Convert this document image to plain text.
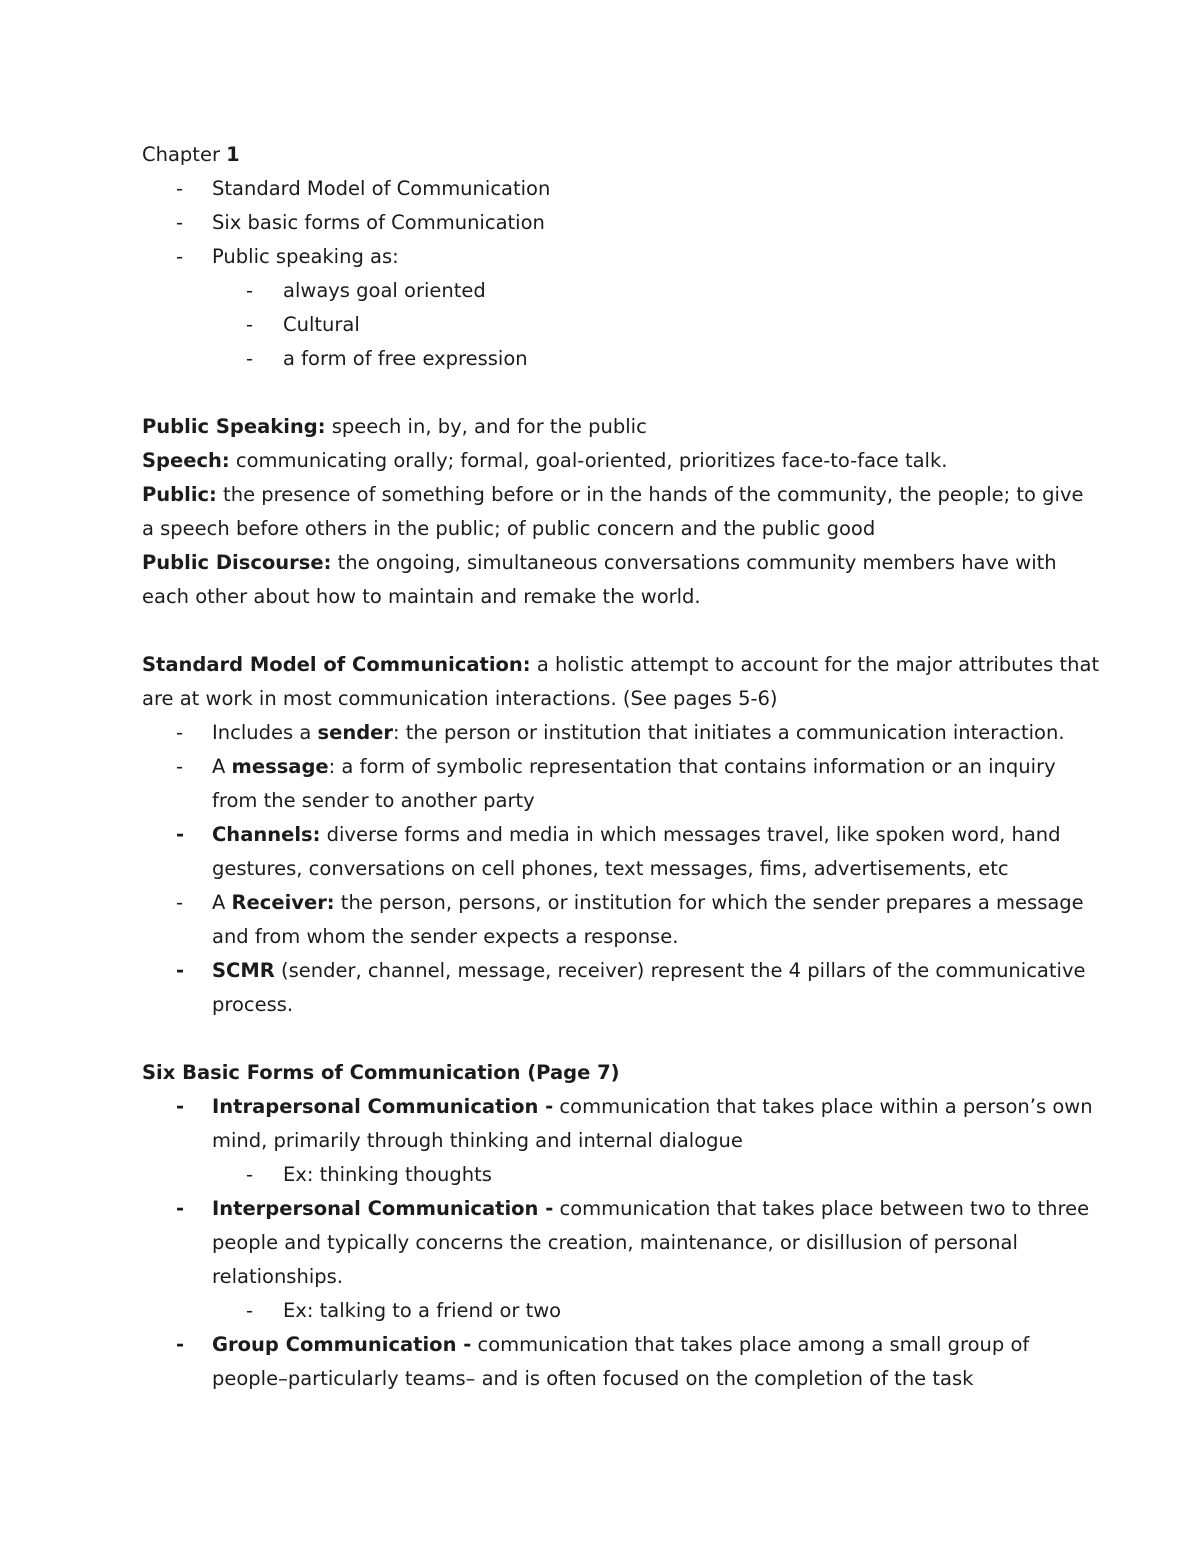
Chapter 1
-	Standard Model of Communication
-	Six basic forms of Communication
-	Public speaking as:
-	always goal oriented
-	Cultural
-	a form of free expression
Public Speaking: speech in, by, and for the public
Speech: communicating orally; formal, goal-oriented, prioritizes face-to-face talk.
Public: the presence of something before or in the hands of the community, the people; to give
a speech before others in the public; of public concern and the public good
Public Discourse: the ongoing, simultaneous conversations community members have with
each other about how to maintain and remake the world.
Standard Model of Communication: a holistic attempt to account for the major attributes that
are at work in most communication interactions. (See pages 5-6)
-	Includes a sender: the person or institution that initiates a communication interaction.
-	A message: a form of symbolic representation that contains information or an inquiry
from the sender to another party
-	Channels: diverse forms and media in which messages travel, like spoken word, hand
gestures, conversations on cell phones, text messages, fims, advertisements, etc
-	A Receiver: the person, persons, or institution for which the sender prepares a message
and from whom the sender expects a response.
-	SCMR (sender, channel, message, receiver) represent the 4 pillars of the communicative
process.
Six Basic Forms of Communication (Page 7)
-	Intrapersonal Communication - communication that takes place within a person’s own
mind, primarily through thinking and internal dialogue
-	Ex: thinking thoughts
-	Interpersonal Communication - communication that takes place between two to three
people and typically concerns the creation, maintenance, or disillusion of personal
relationships.
-	Ex: talking to a friend or two
-	Group Communication - communication that takes place among a small group of
people–particularly teams– and is often focused on the completion of the task
